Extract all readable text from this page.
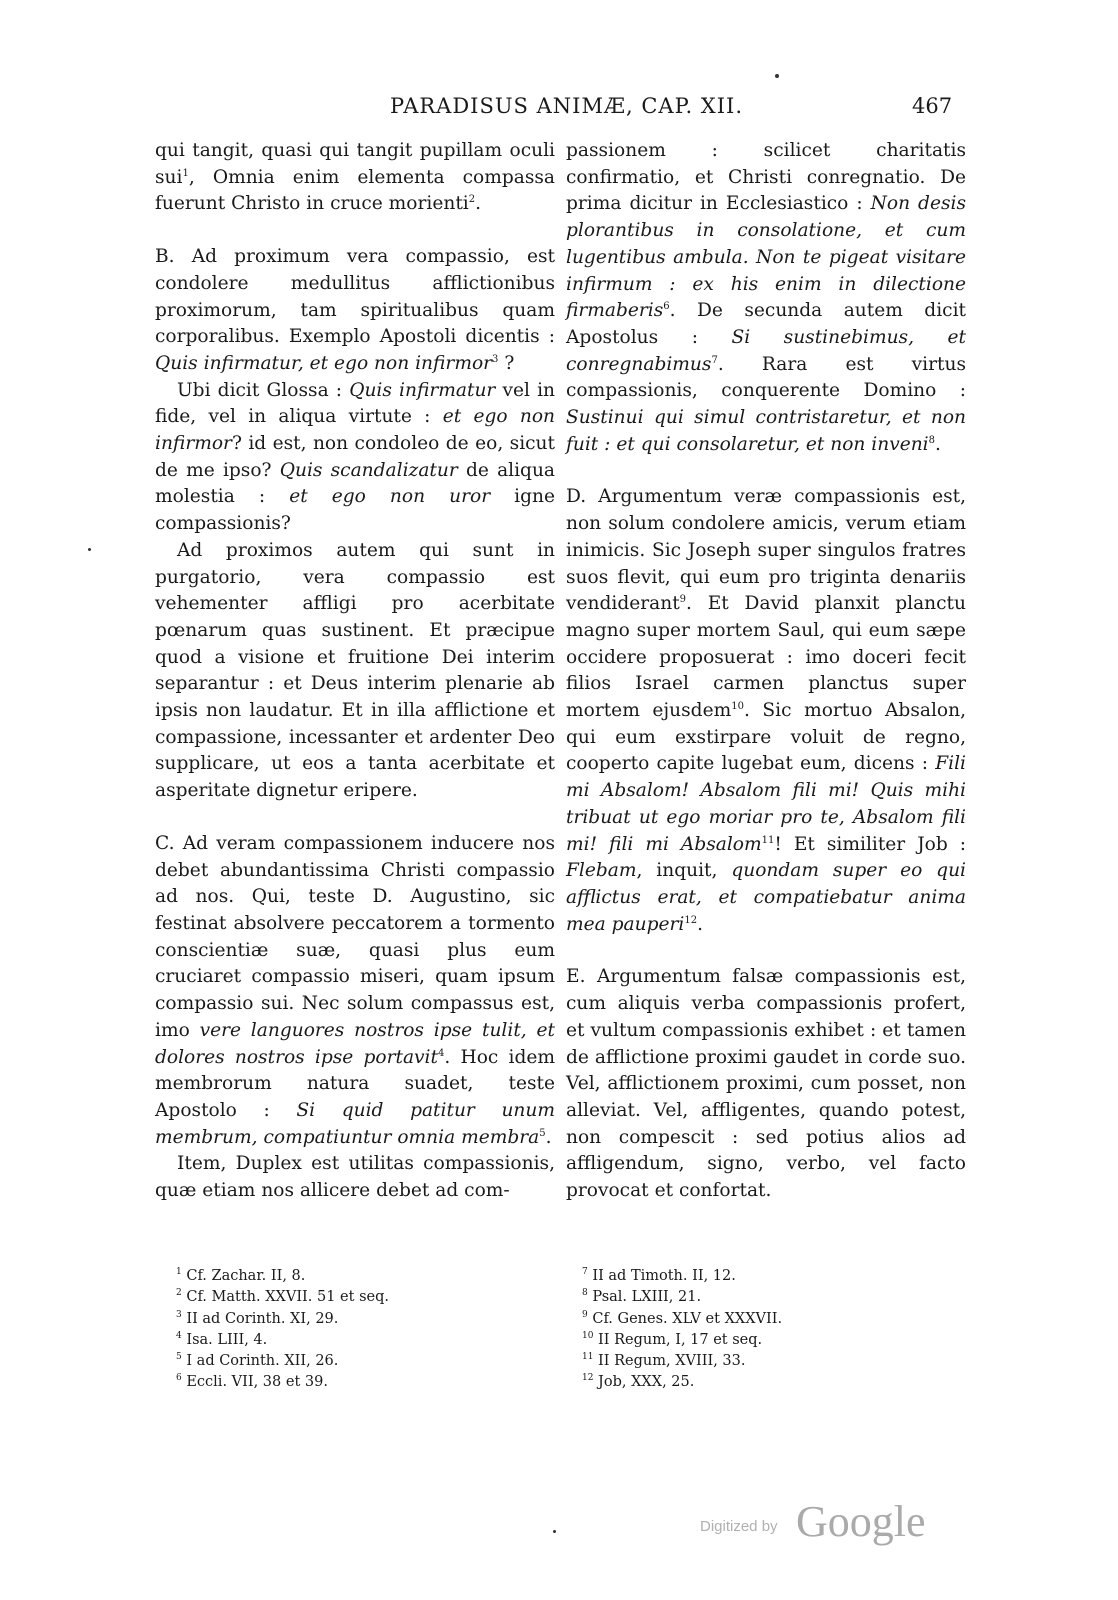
PARADISUS ANIMÆ, CAP. XII.	467

qui tangit, quasi qui tangit pupillam oculi sui$^1$, Omnia enim elementa compassa fuerunt Christo in cruce morienti$^2$.

B. Ad proximum vera compassio, est condolere medullitus afflictionibus proximorum, tam spiritualibus quam corporalibus. Exemplo Apostoli dicentis : Quis infirmatur, et ego non infirmor$^3$ ?

Ubi dicit Glossa : Quis infirmatur vel in fide, vel in aliqua virtute : et ego non infirmor? id est, non condoleo de eo, sicut de me ipso? Quis scandalizatur de aliqua molestia : et ego non uror igne compassionis?

Ad proximos autem qui sunt in purgatorio, vera compassio est vehementer affligi pro acerbitate pœnarum quas sustinent. Et præcipue quod a visione et fruitione Dei interim separantur : et Deus interim plenarie ab ipsis non laudatur. Et in illa afflictione et compassione, incessanter et ardenter Deo supplicare, ut eos a tanta acerbitate et asperitate dignetur eripere.

C. Ad veram compassionem inducere nos debet abundantissima Christi compassio ad nos. Qui, teste D. Augustino, sic festinat absolvere peccatorem a tormento conscientiæ suæ, quasi plus eum cruciaret compassio miseri, quam ipsum compassio sui. Nec solum compassus est, imo vere languores nostros ipse tulit, et dolores nostros ipse portavit$^4$. Hoc idem membrorum natura suadet, teste Apostolo : Si quid patitur unum membrum, compatiuntur omnia membra$^5$.

Item, Duplex est utilitas compassionis, quæ etiam nos allicere debet ad com-

passionem : scilicet charitatis confirmatio, et Christi conregnatio. De prima dicitur in Ecclesiastico : Non desis plorantibus in consolatione, et cum lugentibus ambula. Non te pigeat visitare infirmum : ex his enim in dilectione firmaberis$^6$. De secunda autem dicit Apostolus : Si sustinebimus, et conregnabimus$^7$. Rara est virtus compassionis, conquerente Domino : Sustinui qui simul contristaretur, et non fuit : et qui consolaretur, et non inveni$^8$.

D. Argumentum veræ compassionis est, non solum condolere amicis, verum etiam inimicis. Sic Joseph super singulos fratres suos flevit, qui eum pro triginta denariis vendiderant$^9$. Et David planxit planctu magno super mortem Saul, qui eum sæpe occidere proposuerat : imo doceri fecit filios Israel carmen planctus super mortem ejusdem$^{10}$. Sic mortuo Absalon, qui eum exstirpare voluit de regno, cooperto capite lugebat eum, dicens : Fili mi Absalom! Absalom fili mi! Quis mihi tribuat ut ego moriar pro te, Absalom fili mi! fili mi Absalom$^{11}$! Et similiter Job : Flebam, inquit, quondam super eo qui afflictus erat, et compatiebatur anima mea pauperi$^{12}$.

E. Argumentum falsæ compassionis est, cum aliquis verba compassionis profert, et vultum compassionis exhibet : et tamen de afflictione proximi gaudet in corde suo. Vel, afflictionem proximi, cum posset, non alleviat. Vel, affligentes, quando potest, non compescit : sed potius alios ad affligendum, signo, verbo, vel facto provocat et confortat.

$^1$ Cf. Zachar. II, 8.
$^2$ Cf. Matth. XXVII. 51 et seq.
$^3$ II ad Corinth. XI, 29.
$^4$ Isa. LIII, 4.
$^5$ I ad Corinth. XII, 26.
$^6$ Eccli. VII, 38 et 39.
$^7$ II ad Timoth. II, 12.
$^8$ Psal. LXIII, 21.
$^9$ Cf. Genes. XLV et XXXVII.
$^{10}$ II Regum, I, 17 et seq.
$^{11}$ II Regum, XVIII, 33.
$^{12}$ Job, XXX, 25.
Digitized by Google
